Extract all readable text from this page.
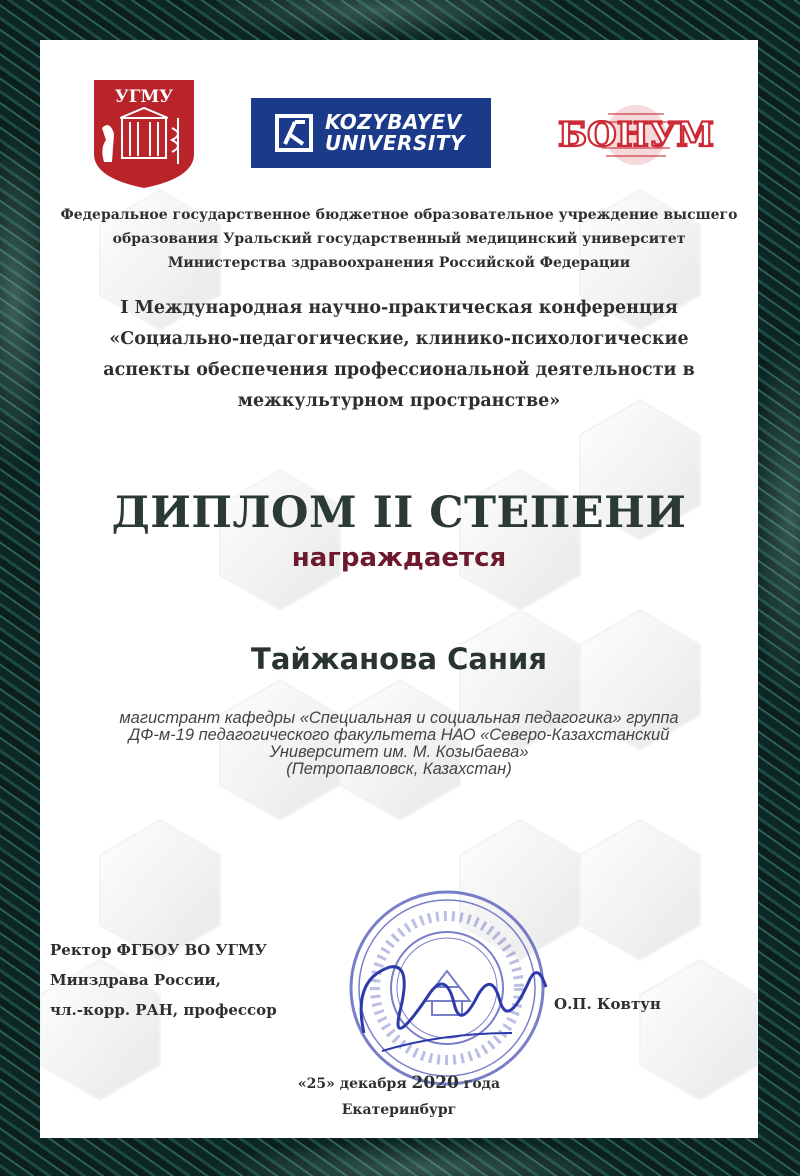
УГМУ
KOZYBAYEV
UNIVERSITY	БОНУМ
Федеральное государственное бюджетное образовательное учреждение высшего
образования Уральский государственный медицинский университет
Министерства здравоохранения Российской Федерации
I Международная научно-практическая конференция
«Социально-педагогические, клинико-психологические
аспекты обеспечения профессиональной деятельности в
межкультурном пространстве»
ДИПЛОМ II СТЕПЕНИ
награждается
Тайжанова Сания
магистрант кафедры «Специальная и социальная педагогика» группа
ДФ-м-19 педагогического факультета НАО «Северо-Казахстанский
Университет им. М. Козыбаева»
(Петропавловск, Казахстан)
Ректор ФГБОУ ВО УГМУ
Минздрава России,
чл.-корр. РАН, профессор	О.П. Ковтун
«25» декабря 2020 года
Екатеринбург
